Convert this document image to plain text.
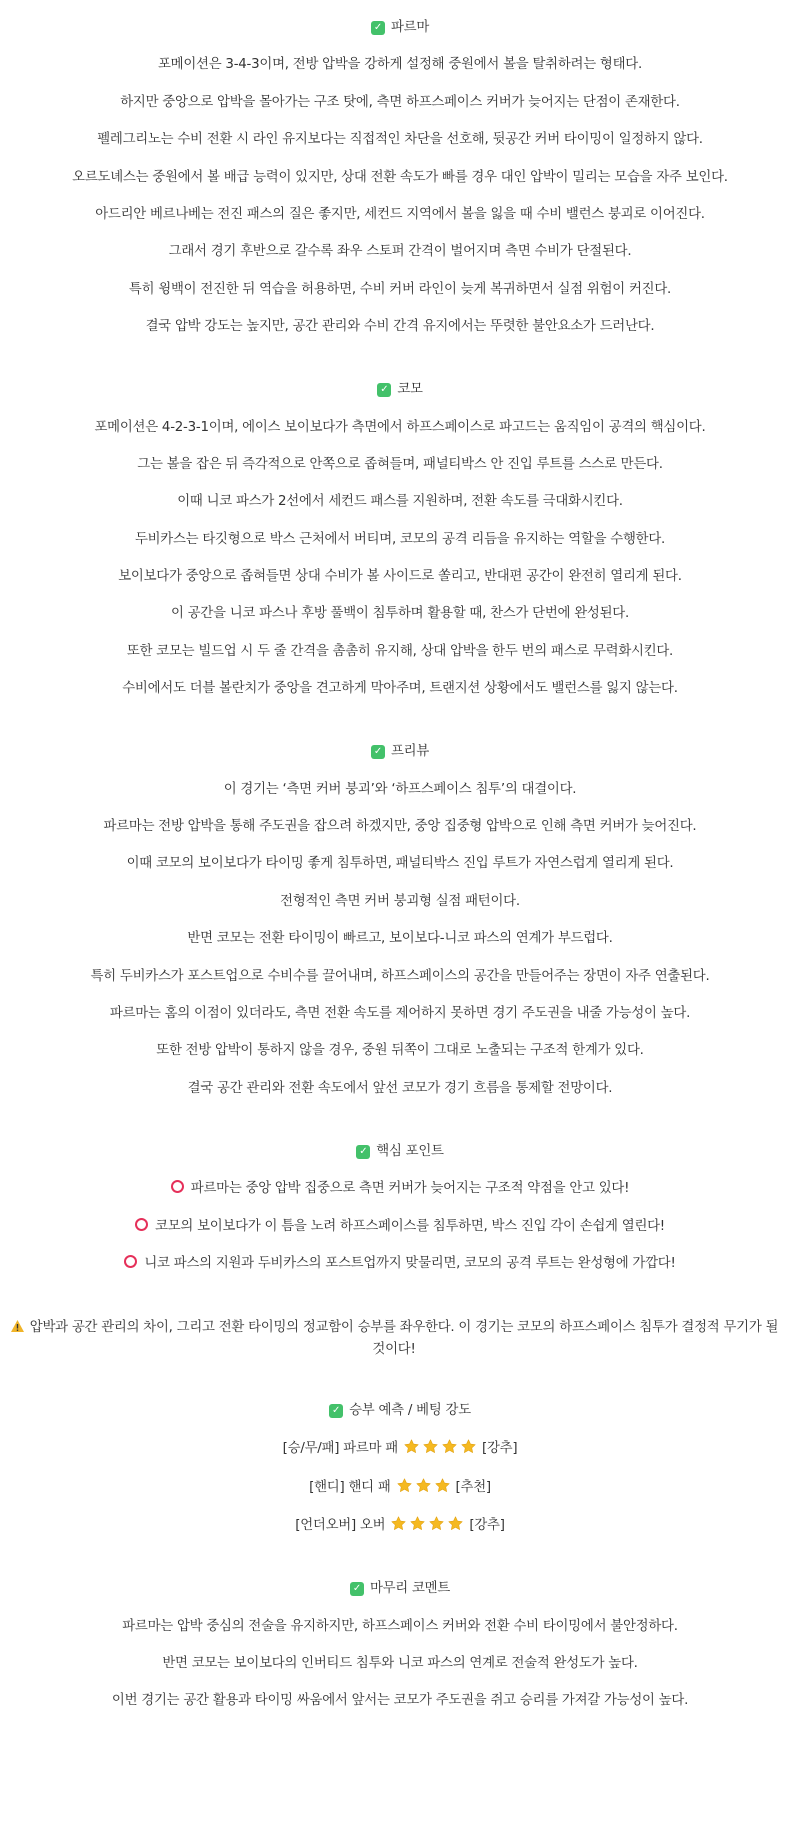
✓ 파르마

포메이션은 3-4-3이며, 전방 압박을 강하게 설정해 중원에서 볼을 탈취하려는 형태다.

하지만 중앙으로 압박을 몰아가는 구조 탓에, 측면 하프스페이스 커버가 늦어지는 단점이 존재한다.

펠레그리노는 수비 전환 시 라인 유지보다는 직접적인 차단을 선호해, 뒷공간 커버 타이밍이 일정하지 않다.

오르도녜스는 중원에서 볼 배급 능력이 있지만, 상대 전환 속도가 빠를 경우 대인 압박이 밀리는 모습을 자주 보인다.

아드리안 베르나베는 전진 패스의 질은 좋지만, 세컨드 지역에서 볼을 잃을 때 수비 밸런스 붕괴로 이어진다.

그래서 경기 후반으로 갈수록 좌우 스토퍼 간격이 벌어지며 측면 수비가 단절된다.

특히 윙백이 전진한 뒤 역습을 허용하면, 수비 커버 라인이 늦게 복귀하면서 실점 위험이 커진다.

결국 압박 강도는 높지만, 공간 관리와 수비 간격 유지에서는 뚜렷한 불안요소가 드러난다.

✓ 코모

포메이션은 4-2-3-1이며, 에이스 보이보다가 측면에서 하프스페이스로 파고드는 움직임이 공격의 핵심이다.

그는 볼을 잡은 뒤 즉각적으로 안쪽으로 좁혀들며, 패널티박스 안 진입 루트를 스스로 만든다.

이때 니코 파스가 2선에서 세컨드 패스를 지원하며, 전환 속도를 극대화시킨다.

두비카스는 타깃형으로 박스 근처에서 버티며, 코모의 공격 리듬을 유지하는 역할을 수행한다.

보이보다가 중앙으로 좁혀들면 상대 수비가 볼 사이드로 쏠리고, 반대편 공간이 완전히 열리게 된다.

이 공간을 니코 파스나 후방 풀백이 침투하며 활용할 때, 찬스가 단번에 완성된다.

또한 코모는 빌드업 시 두 줄 간격을 촘촘히 유지해, 상대 압박을 한두 번의 패스로 무력화시킨다.

수비에서도 더블 볼란치가 중앙을 견고하게 막아주며, 트랜지션 상황에서도 밸런스를 잃지 않는다.

✓ 프리뷰

이 경기는 ‘측면 커버 붕괴’와 ‘하프스페이스 침투’의 대결이다.

파르마는 전방 압박을 통해 주도권을 잡으려 하겠지만, 중앙 집중형 압박으로 인해 측면 커버가 늦어진다.

이때 코모의 보이보다가 타이밍 좋게 침투하면, 패널티박스 진입 루트가 자연스럽게 열리게 된다.

전형적인 측면 커버 붕괴형 실점 패턴이다.

반면 코모는 전환 타이밍이 빠르고, 보이보다-니코 파스의 연계가 부드럽다.

특히 두비카스가 포스트업으로 수비수를 끌어내며, 하프스페이스의 공간을 만들어주는 장면이 자주 연출된다.

파르마는 홈의 이점이 있더라도, 측면 전환 속도를 제어하지 못하면 경기 주도권을 내줄 가능성이 높다.

또한 전방 압박이 통하지 않을 경우, 중원 뒤쪽이 그대로 노출되는 구조적 한계가 있다.

결국 공간 관리와 전환 속도에서 앞선 코모가 경기 흐름을 통제할 전망이다.

✓ 핵심 포인트

파르마는 중앙 압박 집중으로 측면 커버가 늦어지는 구조적 약점을 안고 있다!

코모의 보이보다가 이 틈을 노려 하프스페이스를 침투하면, 박스 진입 각이 손쉽게 열린다!

니코 파스의 지원과 두비카스의 포스트업까지 맞물리면, 코모의 공격 루트는 완성형에 가깝다!

압박과 공간 관리의 차이, 그리고 전환 타이밍의 정교함이 승부를 좌우한다. 이 경기는 코모의 하프스페이스 침투가 결정적 무기가 될 것이다!

✓ 승부 예측 / 베팅 강도

[승/무/패] 파르마 패	[강추]

[핸디] 핸디 패	[추천]

[언더오버] 오버	[강추]

✓ 마무리 코멘트

파르마는 압박 중심의 전술을 유지하지만, 하프스페이스 커버와 전환 수비 타이밍에서 불안정하다.

반면 코모는 보이보다의 인버티드 침투와 니코 파스의 연계로 전술적 완성도가 높다.

이번 경기는 공간 활용과 타이밍 싸움에서 앞서는 코모가 주도권을 쥐고 승리를 가져갈 가능성이 높다.
